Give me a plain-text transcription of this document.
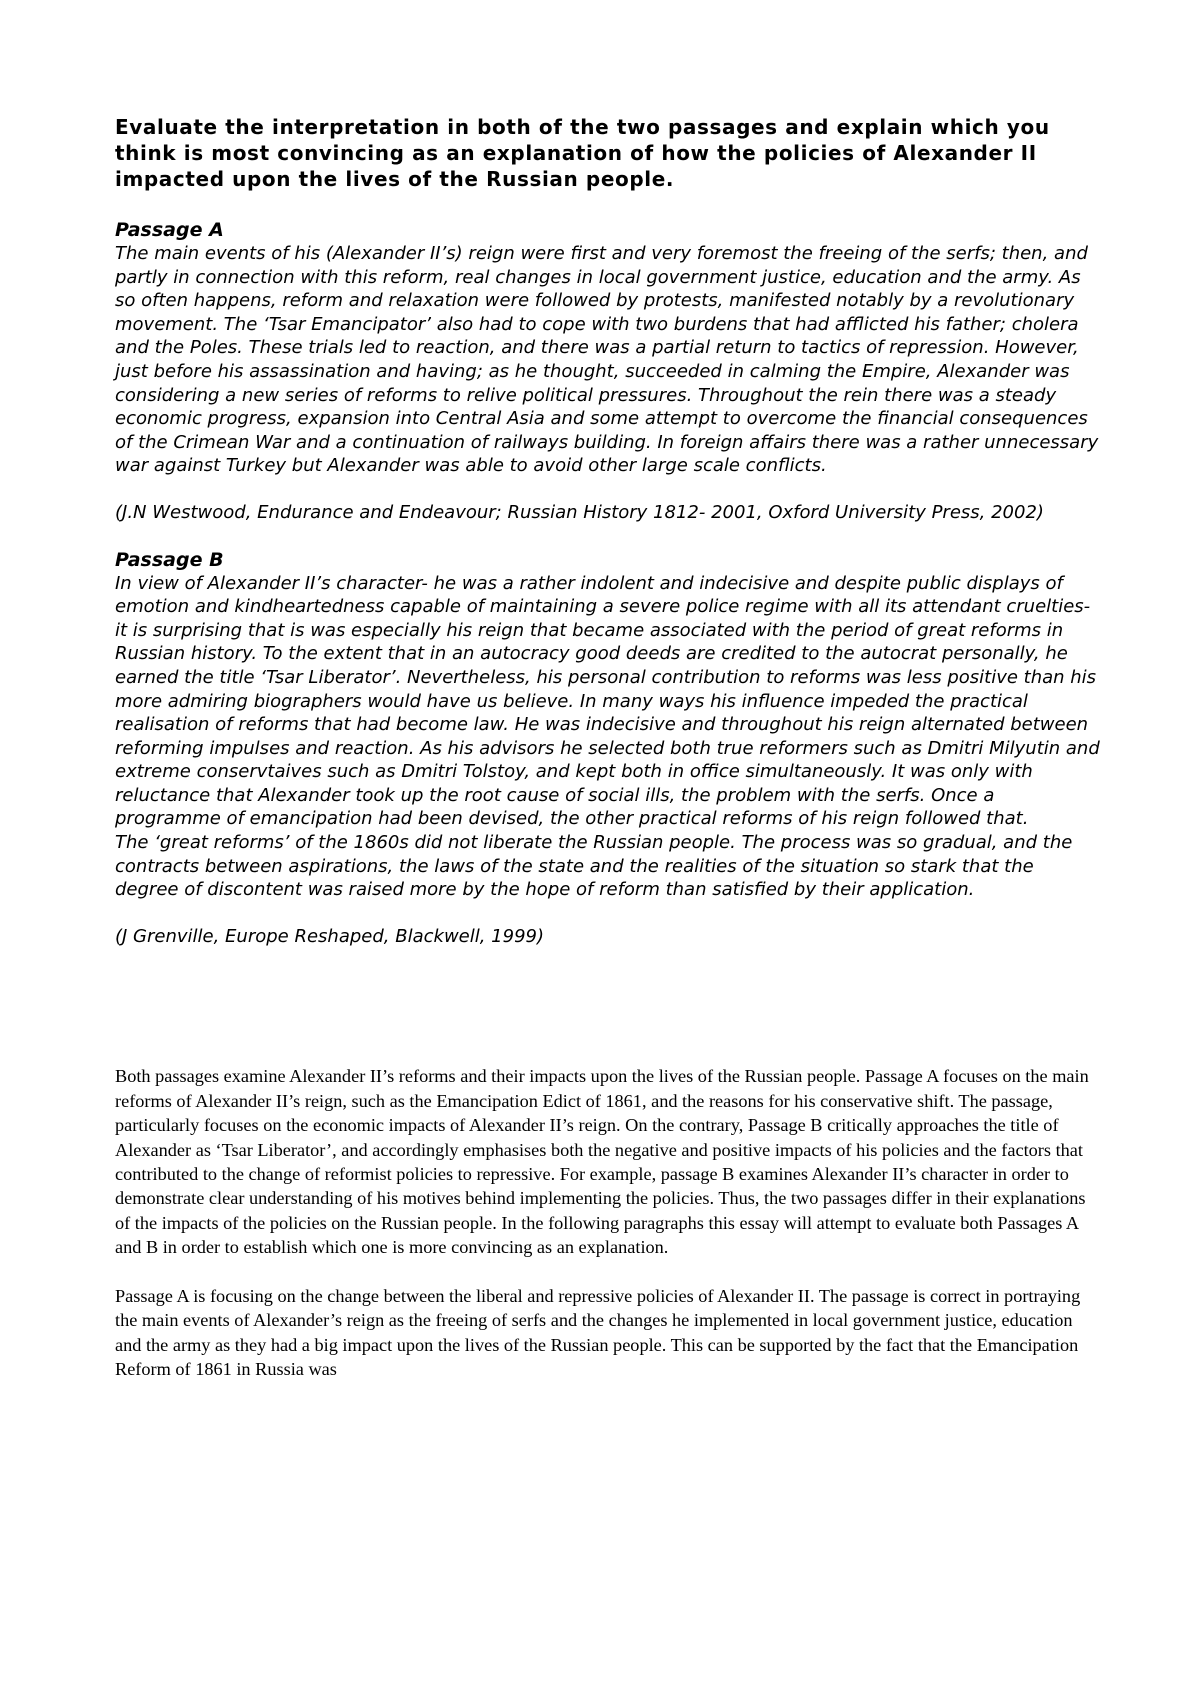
Evaluate the interpretation in both of the two passages and explain which you think is most convincing as an explanation of how the policies of Alexander II impacted upon the lives of the Russian people.

Passage A

The main events of his (Alexander II’s) reign were first and very foremost the freeing of the serfs; then, and partly in connection with this reform, real changes in local government justice, education and the army. As so often happens, reform and relaxation were followed by protests, manifested notably by a revolutionary movement. The ‘Tsar Emancipator’ also had to cope with two burdens that had afflicted his father; cholera and the Poles. These trials led to reaction, and there was a partial return to tactics of repression. However, just before his assassination and having; as he thought, succeeded in calming the Empire, Alexander was considering a new series of reforms to relive political pressures. Throughout the rein there was a steady economic progress, expansion into Central Asia and some attempt to overcome the financial consequences of the Crimean War and a continuation of railways building. In foreign affairs there was a rather unnecessary war against Turkey but Alexander was able to avoid other large scale conflicts.

(J.N Westwood, Endurance and Endeavour; Russian History 1812- 2001, Oxford University Press, 2002)

Passage B

In view of Alexander II’s character- he was a rather indolent and indecisive and despite public displays of emotion and kindheartedness capable of maintaining a severe police regime with all its attendant cruelties- it is surprising that is was especially his reign that became associated with the period of great reforms in Russian history. To the extent that in an autocracy good deeds are credited to the autocrat personally, he earned the title ‘Tsar Liberator’. Nevertheless, his personal contribution to reforms was less positive than his more admiring biographers would have us believe. In many ways his influence impeded the practical realisation of reforms that had become law. He was indecisive and throughout his reign alternated between reforming impulses and reaction. As his advisors he selected both true reformers such as Dmitri Milyutin and extreme conservtaives such as Dmitri Tolstoy, and kept both in office simultaneously. It was only with reluctance that Alexander took up the root cause of social ills, the problem with the serfs. Once a programme of emancipation had been devised, the other practical reforms of his reign followed that.

The ‘great reforms’ of the 1860s did not liberate the Russian people. The process was so gradual, and the contracts between aspirations, the laws of the state and the realities of the situation so stark that the degree of discontent was raised more by the hope of reform than satisfied by their application.

(J Grenville, Europe Reshaped, Blackwell, 1999)

Both passages examine Alexander II’s reforms and their impacts upon the lives of the Russian people. Passage A focuses on the main reforms of Alexander II’s reign, such as the Emancipation Edict of 1861, and the reasons for his conservative shift. The passage, particularly focuses on the economic impacts of Alexander II’s reign. On the contrary, Passage B critically approaches the title of Alexander as ‘Tsar Liberator’, and accordingly emphasises both the negative and positive impacts of his policies and the factors that contributed to the change of reformist policies to repressive. For example, passage B examines Alexander II’s character in order to demonstrate clear understanding of his motives behind implementing the policies. Thus, the two passages differ in their explanations of the impacts of the policies on the Russian people. In the following paragraphs this essay will attempt to evaluate both Passages A and B in order to establish which one is more convincing as an explanation.

Passage A is focusing on the change between the liberal and repressive policies of Alexander II. The passage is correct in portraying the main events of Alexander’s reign as the freeing of serfs and the changes he implemented in local government justice, education and the army as they had a big impact upon the lives of the Russian people. This can be supported by the fact that the Emancipation Reform of 1861 in Russia was
